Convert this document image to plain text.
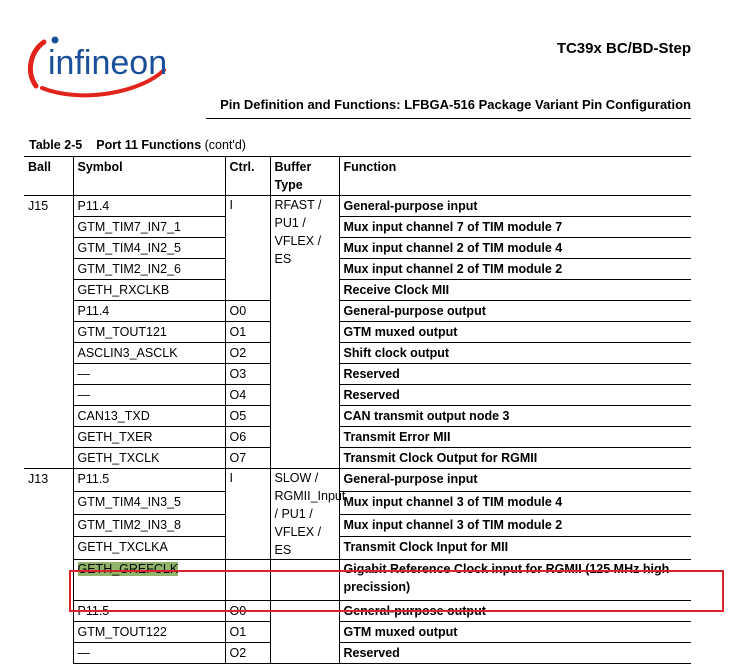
infineon	TC39x BC/BD-Step
Pin Definition and Functions: LFBGA-516 Package Variant Pin Configuration
Table 2-5 Port 11 Functions (cont'd)
Ball	Symbol	Ctrl.	Buffer Type	Function
J15	P11.4	I	RFAST / PU1 / VFLEX / ES	General-purpose input
	GTM_TIM7_IN7_1			Mux input channel 7 of TIM module 7
	GTM_TIM4_IN2_5			Mux input channel 2 of TIM module 4
	GTM_TIM2_IN2_6			Mux input channel 2 of TIM module 2
	GETH_RXCLKB			Receive Clock MII
	P11.4	O0		General-purpose output
	GTM_TOUT121	O1		GTM muxed output
	ASCLIN3_ASCLK	O2		Shift clock output
	—	O3		Reserved
	—	O4		Reserved
	CAN13_TXD	O5		CAN transmit output node 3
	GETH_TXER	O6		Transmit Error MII
	GETH_TXCLK	O7		Transmit Clock Output for RGMII
J13	P11.5	I	SLOW / RGMII_Input / PU1 / VFLEX / ES	General-purpose input
	GTM_TIM4_IN3_5			Mux input channel 3 of TIM module 4
	GTM_TIM2_IN3_8			Mux input channel 3 of TIM module 2
	GETH_TXCLKA			Transmit Clock Input for MII
	GETH_GREFCLK			Gigabit Reference Clock input for RGMII (125 MHz high precission)
	P11.5	O0		General-purpose output
	GTM_TOUT122	O1		GTM muxed output
	—	O2		Reserved
